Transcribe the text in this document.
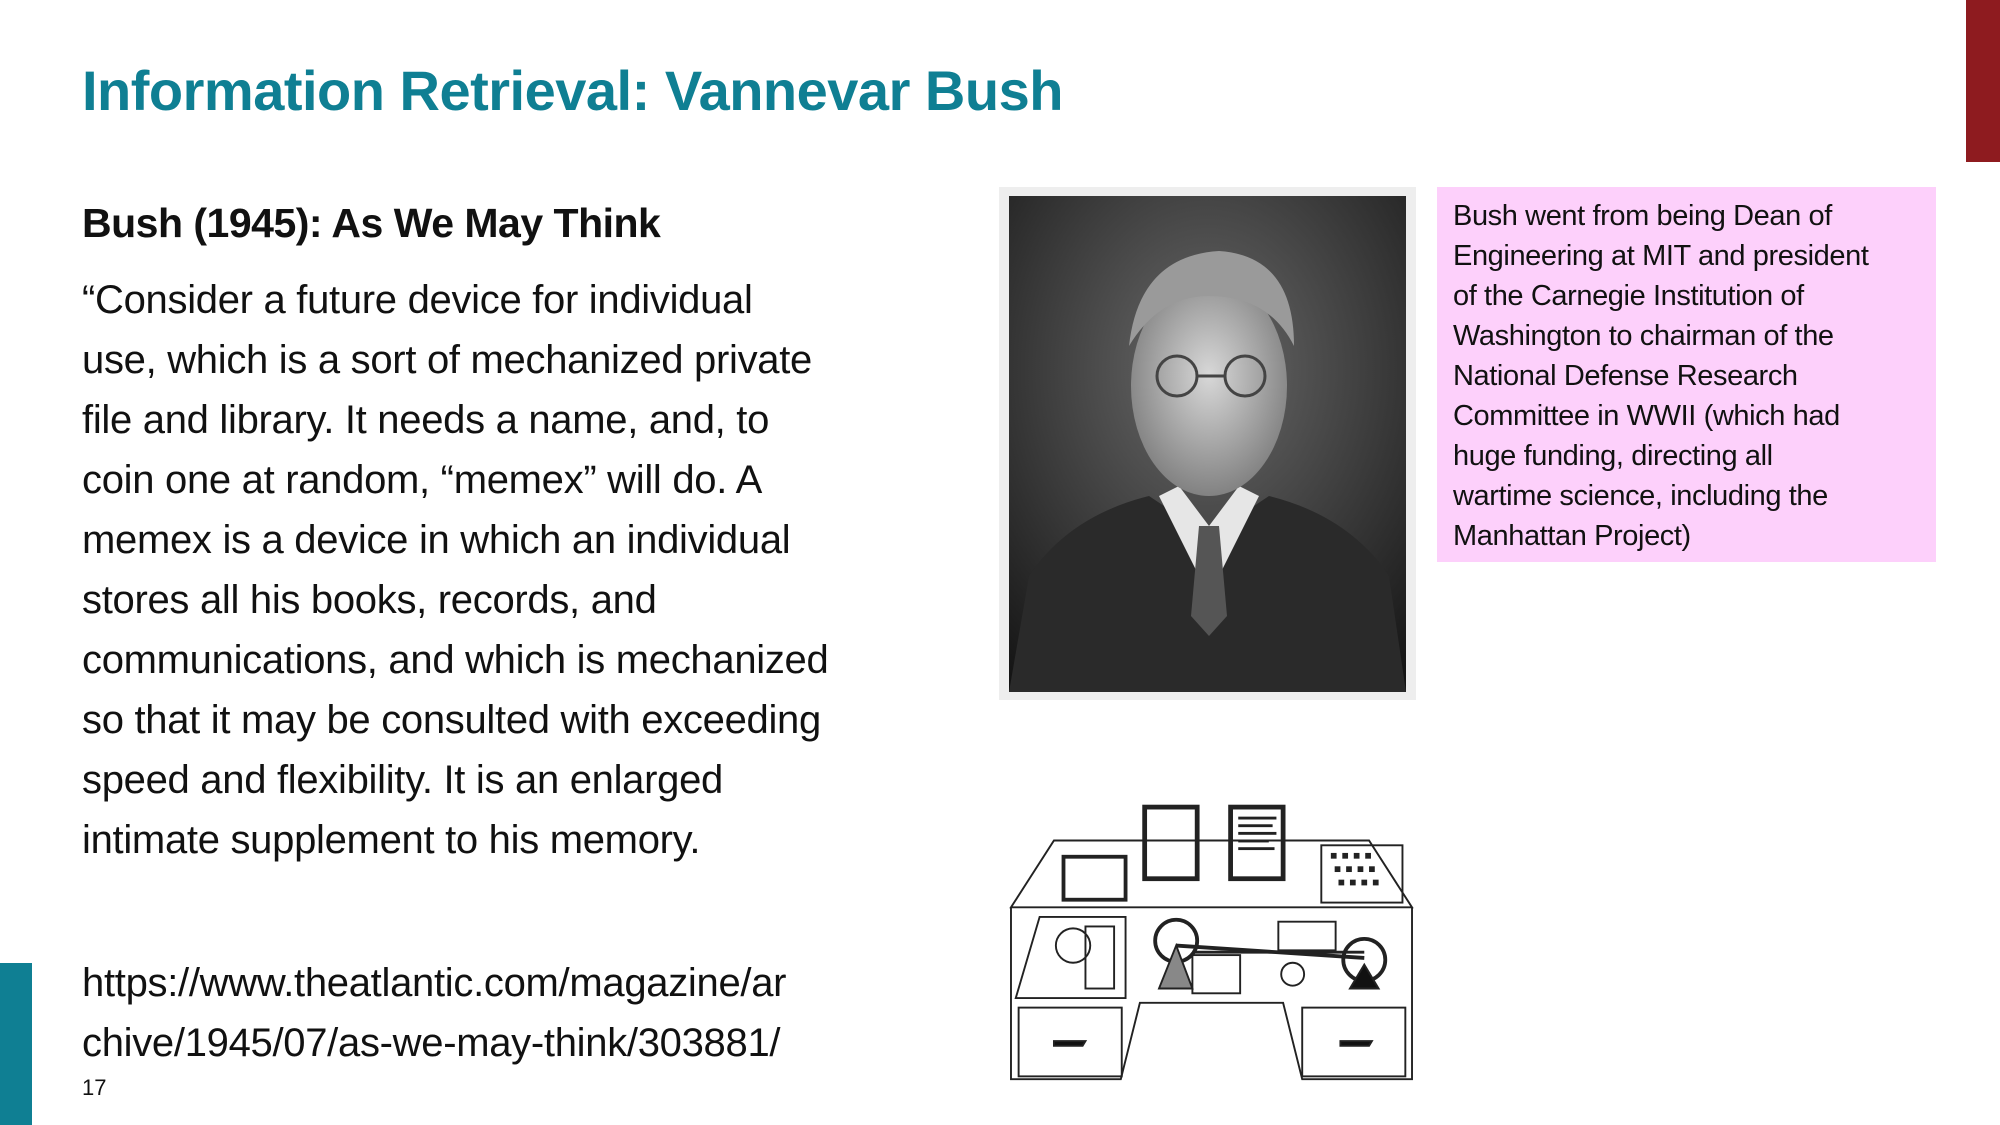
Information Retrieval: Vannevar Bush
Bush (1945): As We May Think
“Consider a future device for individual
use, which is a sort of mechanized private
file and library. It needs a name, and, to
coin one at random, “memex” will do. A
memex is a device in which an individual
stores all his books, records, and
communications, and which is mechanized
so that it may be consulted with exceeding
speed and flexibility. It is an enlarged
intimate supplement to his memory.
https://www.theatlantic.com/magazine/ar
chive/1945/07/as-we-may-think/303881/
17
Bush went from being Dean of
Engineering at MIT and president
of the Carnegie Institution of
Washington to chairman of the
National Defense Research
Committee in WWII (which had
huge funding, directing all
wartime science, including the
Manhattan Project)
